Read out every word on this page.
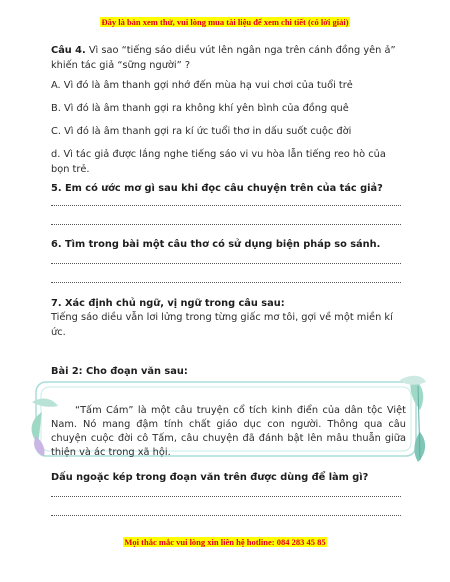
Đây là bản xem thử, vui lòng mua tài liệu để xem chi tiết (có lời giải)
Câu 4. Vì sao “tiếng sáo diều vút lên ngân nga trên cánh đồng yên ả” khiến tác giả “sững người” ?
A. Vì đó là âm thanh gợi nhớ đến mùa hạ vui chơi của tuổi trẻ
B. Vì đó là âm thanh gợi ra không khí yên bình của đồng quê
C. Vì đó là âm thanh gợi ra kí ức tuổi thơ in dấu suốt cuộc đời
d. Vì tác giả được lắng nghe tiếng sáo vi vu hòa lẫn tiếng reo hò của bọn trẻ.
5. Em có ước mơ gì sau khi đọc câu chuyện trên của tác giả?
6. Tìm trong bài một câu thơ có sử dụng biện pháp so sánh.
7. Xác định chủ ngữ, vị ngữ trong câu sau:
Tiếng sáo diều vẫn lơi lửng trong từng giấc mơ tôi, gợi về một miền kí ức.
Bài 2: Cho đoạn văn sau:
“Tấm Cám” là một câu truyện cổ tích kinh điển của dân tộc Việt Nam. Nó mang đậm tính chất giáo dục con người. Thông qua câu chuyện cuộc đời cô Tấm, câu chuyện đã đánh bật lên mâu thuẫn giữa thiện và ác trong xã hội.
Dấu ngoặc kép trong đoạn văn trên được dùng để làm gì?
Mọi thắc mắc vui lòng xin liên hệ hotline: 084 283 45 85
